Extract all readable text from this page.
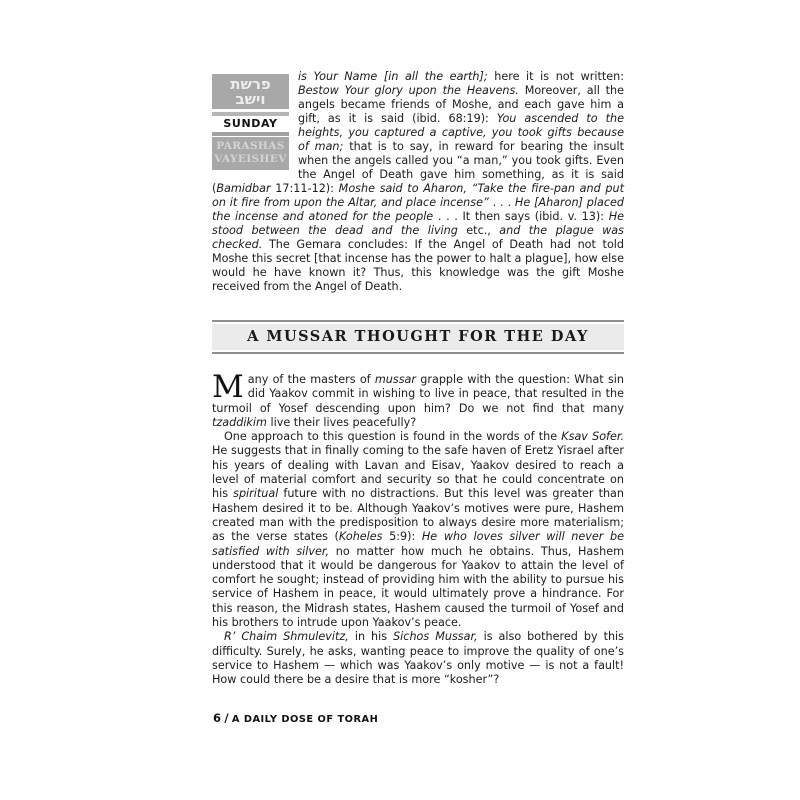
פרשת
וישב
SUNDAY
PARASHAS
VAYEISHEV

is Your Name [in all the earth]; here it is not written: Bestow Your glory upon the Heavens. Moreover, all the angels became friends of Moshe, and each gave him a gift, as it is said (ibid. 68:19): You ascended to the heights, you captured a captive, you took gifts because of man; that is to say, in reward for bearing the insult when the angels called you “a man,” you took gifts. Even the Angel of Death gave him something, as it is said (Bamidbar 17:11-12): Moshe said to Aharon, “Take the fire-pan and put on it fire from upon the Altar, and place incense” . . . He [Aharon] placed the incense and atoned for the people . . . It then says (ibid. v. 13): He stood between the dead and the living etc., and the plague was checked. The Gemara concludes: If the Angel of Death had not told Moshe this secret [that incense has the power to halt a plague], how else would he have known it? Thus, this knowledge was the gift Moshe received from the Angel of Death.

A MUSSAR THOUGHT FOR THE DAY

Many of the masters of mussar grapple with the question: What sin did Yaakov commit in wishing to live in peace, that resulted in the turmoil of Yosef descending upon him? Do we not find that many tzaddikim live their lives peacefully?

One approach to this question is found in the words of the Ksav Sofer. He suggests that in finally coming to the safe haven of Eretz Yisrael after his years of dealing with Lavan and Eisav, Yaakov desired to reach a level of material comfort and security so that he could concentrate on his spiritual future with no distractions. But this level was greater than Hashem desired it to be. Although Yaakov’s motives were pure, Hashem created man with the predisposition to always desire more materialism; as the verse states (Koheles 5:9): He who loves silver will never be satisfied with silver, no matter how much he obtains. Thus, Hashem understood that it would be dangerous for Yaakov to attain the level of comfort he sought; instead of providing him with the ability to pursue his service of Hashem in peace, it would ultimately prove a hindrance. For this reason, the Midrash states, Hashem caused the turmoil of Yosef and his brothers to intrude upon Yaakov’s peace.

R’ Chaim Shmulevitz, in his Sichos Mussar, is also bothered by this difficulty. Surely, he asks, wanting peace to improve the quality of one’s service to Hashem — which was Yaakov’s only motive — is not a fault! How could there be a desire that is more “kosher”?

6 / A DAILY DOSE OF TORAH
